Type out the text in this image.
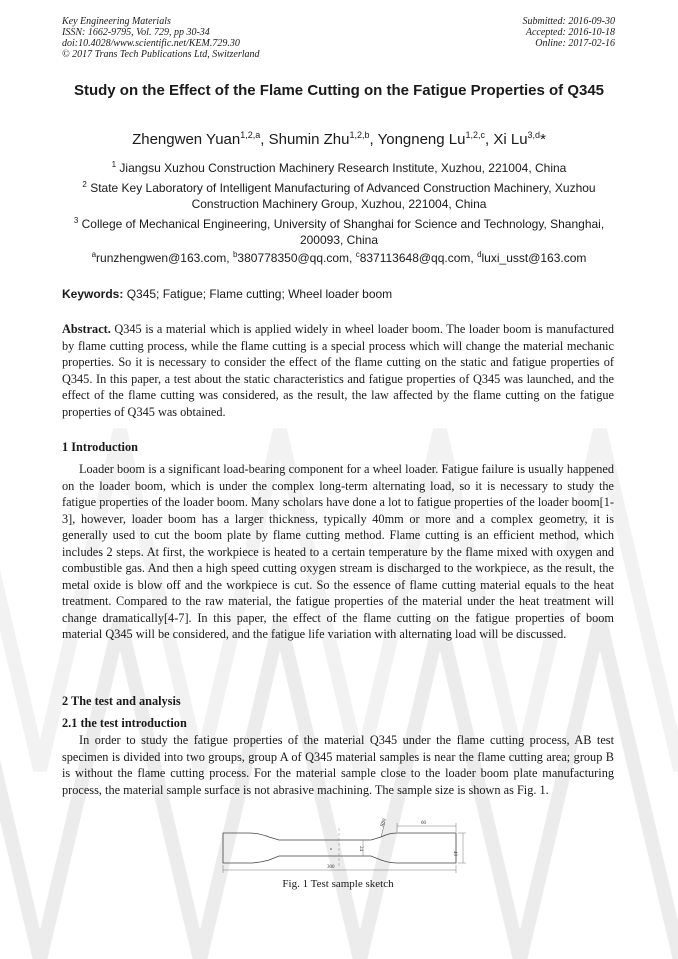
Key Engineering Materials
ISSN: 1662-9795, Vol. 729, pp 30-34
doi:10.4028/www.scientific.net/KEM.729.30
© 2017 Trans Tech Publications Ltd, Switzerland
Submitted: 2016-09-30
Accepted: 2016-10-18
Online: 2017-02-16
Study on the Effect of the Flame Cutting on the Fatigue Properties of Q345
Zhengwen Yuan$^{1,2,a}$, Shumin Zhu$^{1,2,b}$, Yongneng Lu$^{1,2,c}$, Xi Lu$^{3,d}$*
$^1$ Jiangsu Xuzhou Construction Machinery Research Institute, Xuzhou, 221004, China
$^2$ State Key Laboratory of Intelligent Manufacturing of Advanced Construction Machinery, Xuzhou Construction Machinery Group, Xuzhou, 221004, China
$^3$ College of Mechanical Engineering, University of Shanghai for Science and Technology, Shanghai, 200093, China
$^a$runzhengwen@163.com, $^b$380778350@qq.com, $^c$837113648@qq.com, $^d$luxi_usst@163.com
Keywords: Q345; Fatigue; Flame cutting; Wheel loader boom
Abstract. Q345 is a material which is applied widely in wheel loader boom. The loader boom is manufactured by flame cutting process, while the flame cutting is a special process which will change the material mechanic properties. So it is necessary to consider the effect of the flame cutting on the static and fatigue properties of Q345. In this paper, a test about the static characteristics and fatigue properties of Q345 was launched, and the effect of the flame cutting was considered, as the result, the law affected by the flame cutting on the fatigue properties of Q345 was obtained.
1 Introduction
Loader boom is a significant load-bearing component for a wheel loader. Fatigue failure is usually happened on the loader boom, which is under the complex long-term alternating load, so it is necessary to study the fatigue properties of the loader boom. Many scholars have done a lot to fatigue properties of the loader boom[1-3], however, loader boom has a larger thickness, typically 40mm or more and a complex geometry, it is generally used to cut the boom plate by flame cutting method. Flame cutting is an efficient method, which includes 2 steps. At first, the workpiece is heated to a certain temperature by the flame mixed with oxygen and combustible gas. And then a high speed cutting oxygen stream is discharged to the workpiece, as the result, the metal oxide is blow off and the workpiece is cut. So the essence of flame cutting material equals to the heat treatment. Compared to the raw material, the fatigue properties of the material under the heat treatment will change dramatically[4-7]. In this paper, the effect of the flame cutting on the fatigue properties of boom material Q345 will be considered, and the fatigue life variation with alternating load will be discussed.
2 The test and analysis
2.1 the test introduction
In order to study the fatigue properties of the material Q345 under the flame cutting process, AB test specimen is divided into two groups, group A of Q345 material samples is near the flame cutting area; group B is without the flame cutting process. For the material sample close to the loader boom plate manufacturing process, the material sample surface is not abrasive machining. The sample size is shown as Fig. 1.
R80	60
40
24
300
Fig. 1 Test sample sketch
